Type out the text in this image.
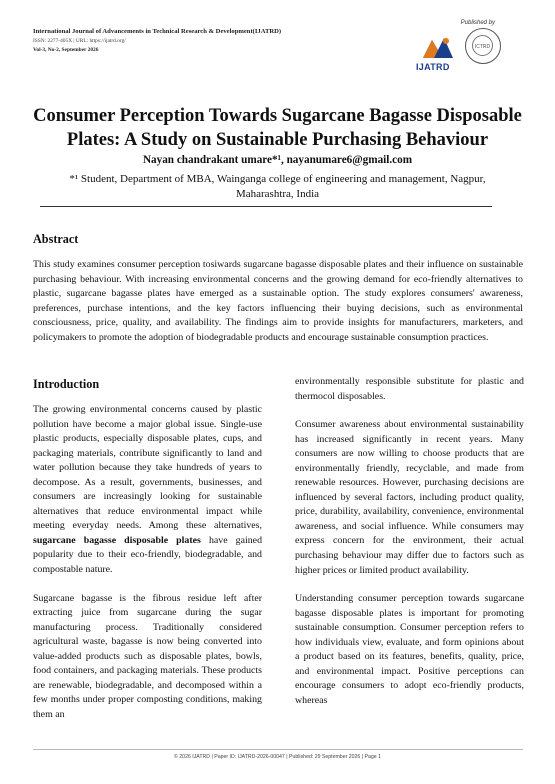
International Journal of Advancements in Technical Research & Development(IJATRD)
ISSN: 2277-405X | URL: https://ijatrd.org/
Vol-3, No-2, September 2026
Published by
IJATRD
ICTRD
Consumer Perception Towards Sugarcane Bagasse Disposable Plates: A Study on Sustainable Purchasing Behaviour
Nayan chandrakant umare*¹, nayanumare6@gmail.com
*¹ Student, Department of MBA, Wainganga college of engineering and management, Nagpur, Maharashtra, India
Abstract
This study examines consumer perception tosiwards sugarcane bagasse disposable plates and their influence on sustainable purchasing behaviour. With increasing environmental concerns and the growing demand for eco-friendly alternatives to plastic, sugarcane bagasse plates have emerged as a sustainable option. The study explores consumers' awareness, preferences, purchase intentions, and the key factors influencing their buying decisions, such as environmental consciousness, price, quality, and availability. The findings aim to provide insights for manufacturers, marketers, and policymakers to promote the adoption of biodegradable products and encourage sustainable consumption practices.
Introduction

The growing environmental concerns caused by plastic pollution have become a major global issue. Single-use plastic products, especially disposable plates, cups, and packaging materials, contribute significantly to land and water pollution because they take hundreds of years to decompose. As a result, governments, businesses, and consumers are increasingly looking for sustainable alternatives that reduce environmental impact while meeting everyday needs. Among these alternatives, sugarcane bagasse disposable plates have gained popularity due to their eco-friendly, biodegradable, and compostable nature.

Sugarcane bagasse is the fibrous residue left after extracting juice from sugarcane during the sugar manufacturing process. Traditionally considered agricultural waste, bagasse is now being converted into value-added products such as disposable plates, bowls, food containers, and packaging materials. These products are renewable, biodegradable, and decomposed within a few months under proper composting conditions, making them an

environmentally responsible substitute for plastic and thermocol disposables.

Consumer awareness about environmental sustainability has increased significantly in recent years. Many consumers are now willing to choose products that are environmentally friendly, recyclable, and made from renewable resources. However, purchasing decisions are influenced by several factors, including product quality, price, durability, availability, convenience, environmental awareness, and social influence. While consumers may express concern for the environment, their actual purchasing behaviour may differ due to factors such as higher prices or limited product availability.

Understanding consumer perception towards sugarcane bagasse disposable plates is important for promoting sustainable consumption. Consumer perception refers to how individuals view, evaluate, and form opinions about a product based on its features, benefits, quality, price, and environmental impact. Positive perceptions can encourage consumers to adopt eco-friendly products, whereas

© 2026 IJATRD | Paper ID: IJATRD-2026-00047 | Published: 29 September 2026 | Page 1
